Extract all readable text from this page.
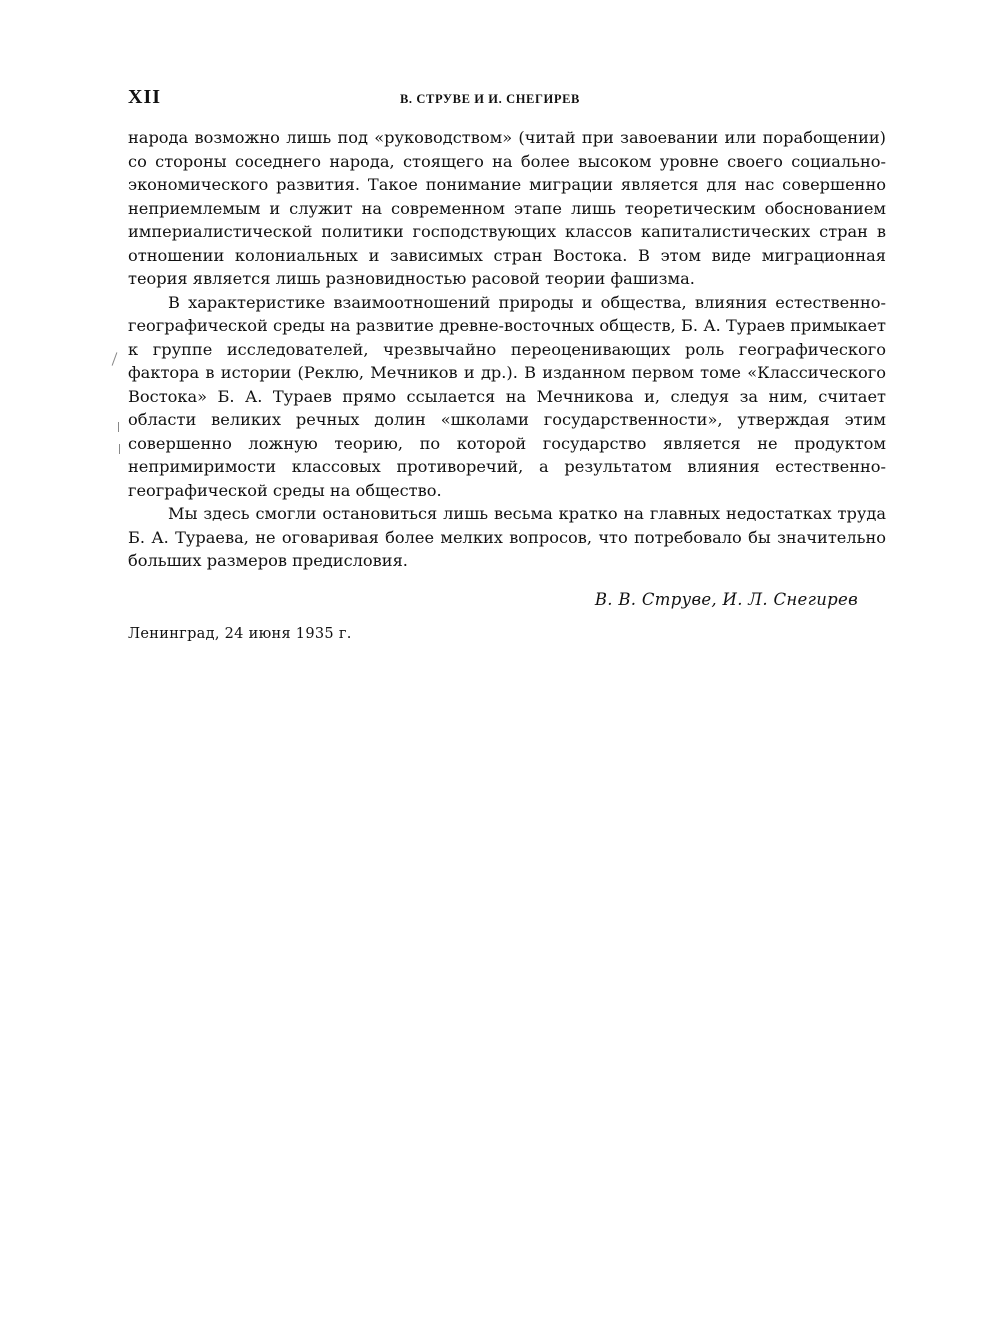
XII	В. СТРУВЕ И И. СНЕГИРЕВ

народа возможно лишь под «руководством» (читай при завоевании или порабощении) со стороны соседнего народа, стоящего на более высоком уровне своего социально-экономического развития. Такое понимание миграции является для нас совершенно неприемлемым и служит на современном этапе лишь теоретическим обоснованием империалистической политики господствующих классов капиталистических стран в отношении колониальных и зависимых стран Востока. В этом виде миграционная теория является лишь разновидностью расовой теории фашизма.

В характеристике взаимоотношений природы и общества, влияния естественно-географической среды на развитие древне-восточных обществ, Б. А. Тураев примыкает к группе исследователей, чрезвычайно переоценивающих роль географического фактора в истории (Реклю, Мечников и др.). В изданном первом томе «Классического Востока» Б. А. Тураев прямо ссылается на Мечникова и, следуя за ним, считает области великих речных долин «школами государственности», утверждая этим совершенно ложную теорию, по которой государство является не продуктом непримиримости классовых противоречий, а результатом влияния естественно-географической среды на общество.

Мы здесь смогли остановиться лишь весьма кратко на главных недостатках труда Б. А. Тураева, не оговаривая более мелких вопросов, что потребовало бы значительно больших размеров предисловия.

В. В. Струве, И. Л. Снегирев
Ленинград, 24 июня 1935 г.
